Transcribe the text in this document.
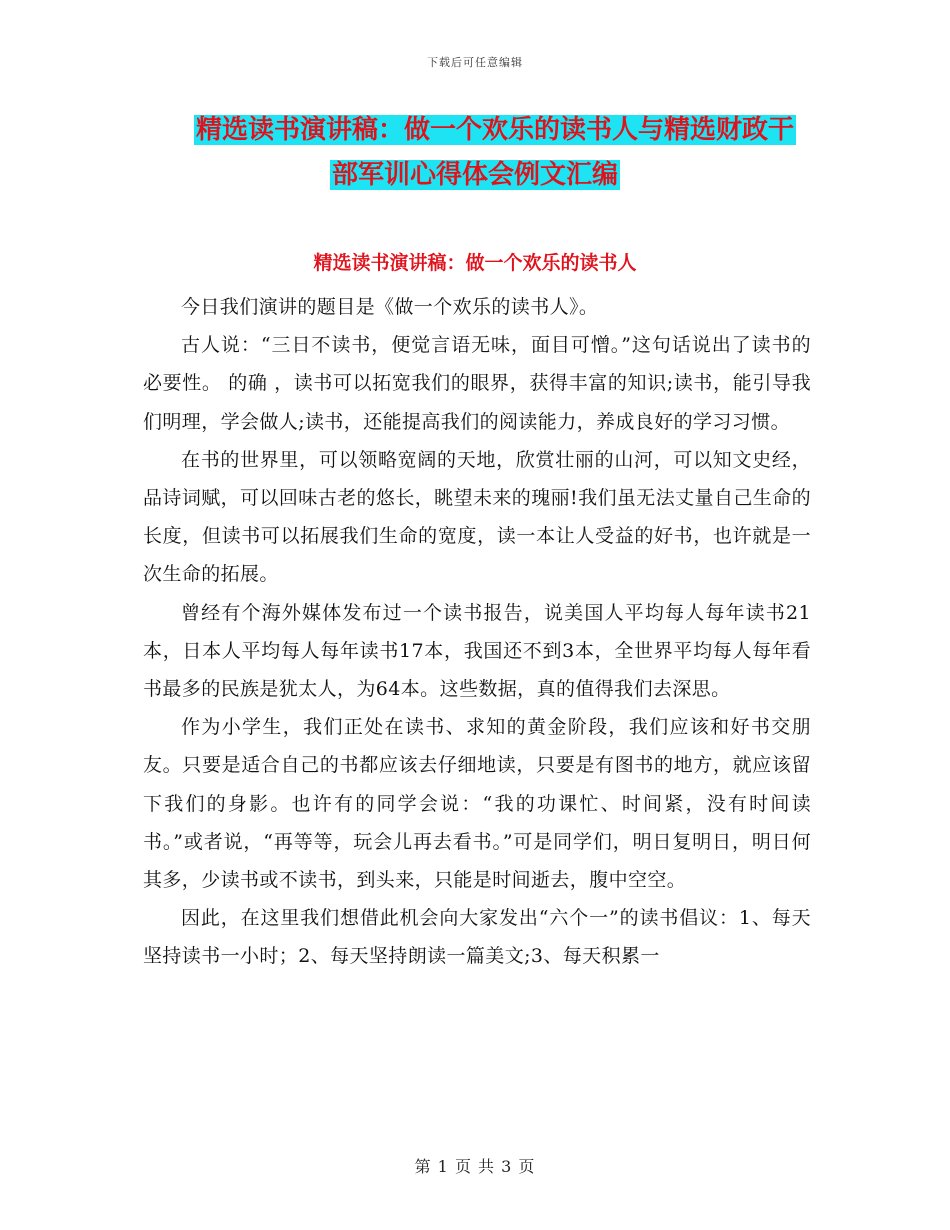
下载后可任意编辑
精选读书演讲稿：做一个欢乐的读书人与精选财政干
部军训心得体会例文汇编
精选读书演讲稿：做一个欢乐的读书人

今日我们演讲的题目是《做一个欢乐的读书人》。

古人说：“三日不读书，便觉言语无味，面目可憎。”这句话说出了读书的必要性。 的确 ，读书可以拓宽我们的眼界，获得丰富的知识;读书，能引导我们明理，学会做人;读书，还能提高我们的阅读能力，养成良好的学习习惯。

在书的世界里，可以领略宽阔的天地，欣赏壮丽的山河，可以知文史经，品诗词赋，可以回味古老的悠长，眺望未来的瑰丽!我们虽无法丈量自己生命的长度，但读书可以拓展我们生命的宽度，读一本让人受益的好书，也许就是一次生命的拓展。

曾经有个海外媒体发布过一个读书报告，说美国人平均每人每年读书21本，日本人平均每人每年读书17本，我国还不到3本，全世界平均每人每年看书最多的民族是犹太人，为64本。这些数据，真的值得我们去深思。

作为小学生，我们正处在读书、求知的黄金阶段，我们应该和好书交朋友。只要是适合自己的书都应该去仔细地读，只要是有图书的地方，就应该留下我们的身影。也许有的同学会说：“我的功课忙、时间紧，没有时间读书。”或者说，“再等等，玩会儿再去看书。”可是同学们，明日复明日，明日何其多，少读书或不读书，到头来，只能是时间逝去，腹中空空。

因此，在这里我们想借此机会向大家发出“六个一”的读书倡议：1、每天坚持读书一小时；2、每天坚持朗读一篇美文;3、每天积累一

第 1 页 共 3 页
